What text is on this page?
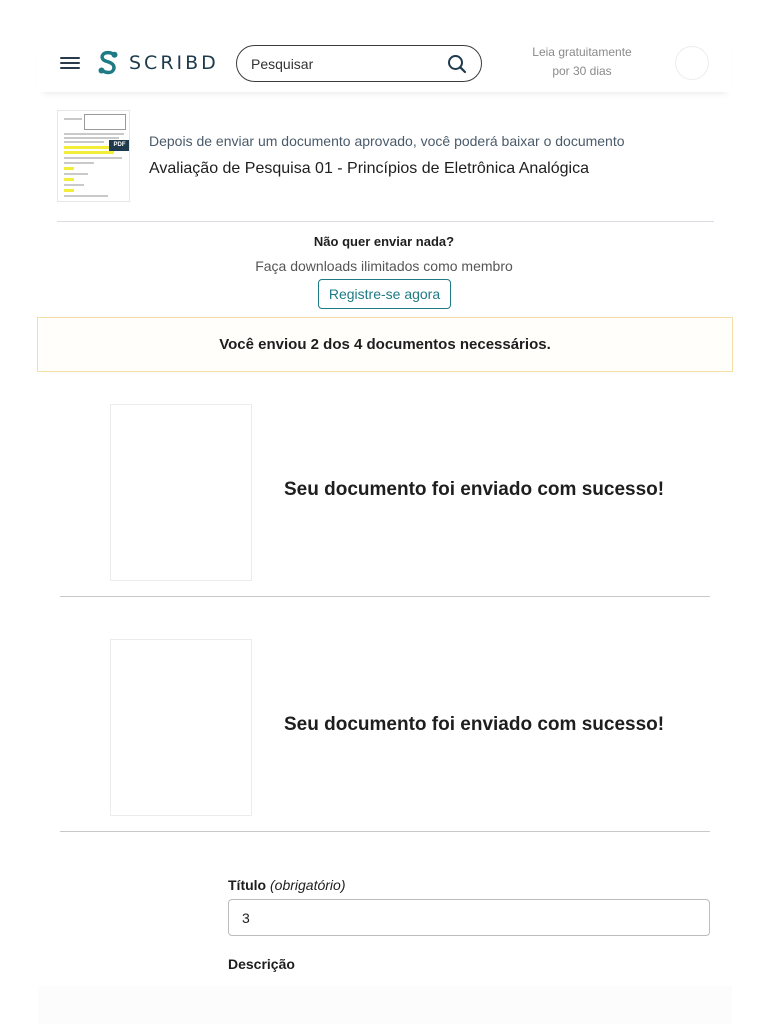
SCRIBD
Pesquisar	Leia gratuitamente
por 30 dias
PDF	Depois de enviar um documento aprovado, você poderá baixar o documento
Avaliação de Pesquisa 01 - Princípios de Eletrônica Analógica
Não quer enviar nada?
Faça downloads ilimitados como membro
Registre-se agora
Você enviou 2 dos 4 documentos necessários.
Seu documento foi enviado com sucesso!
Seu documento foi enviado com sucesso!
Título (obrigatório)
3
Descrição
